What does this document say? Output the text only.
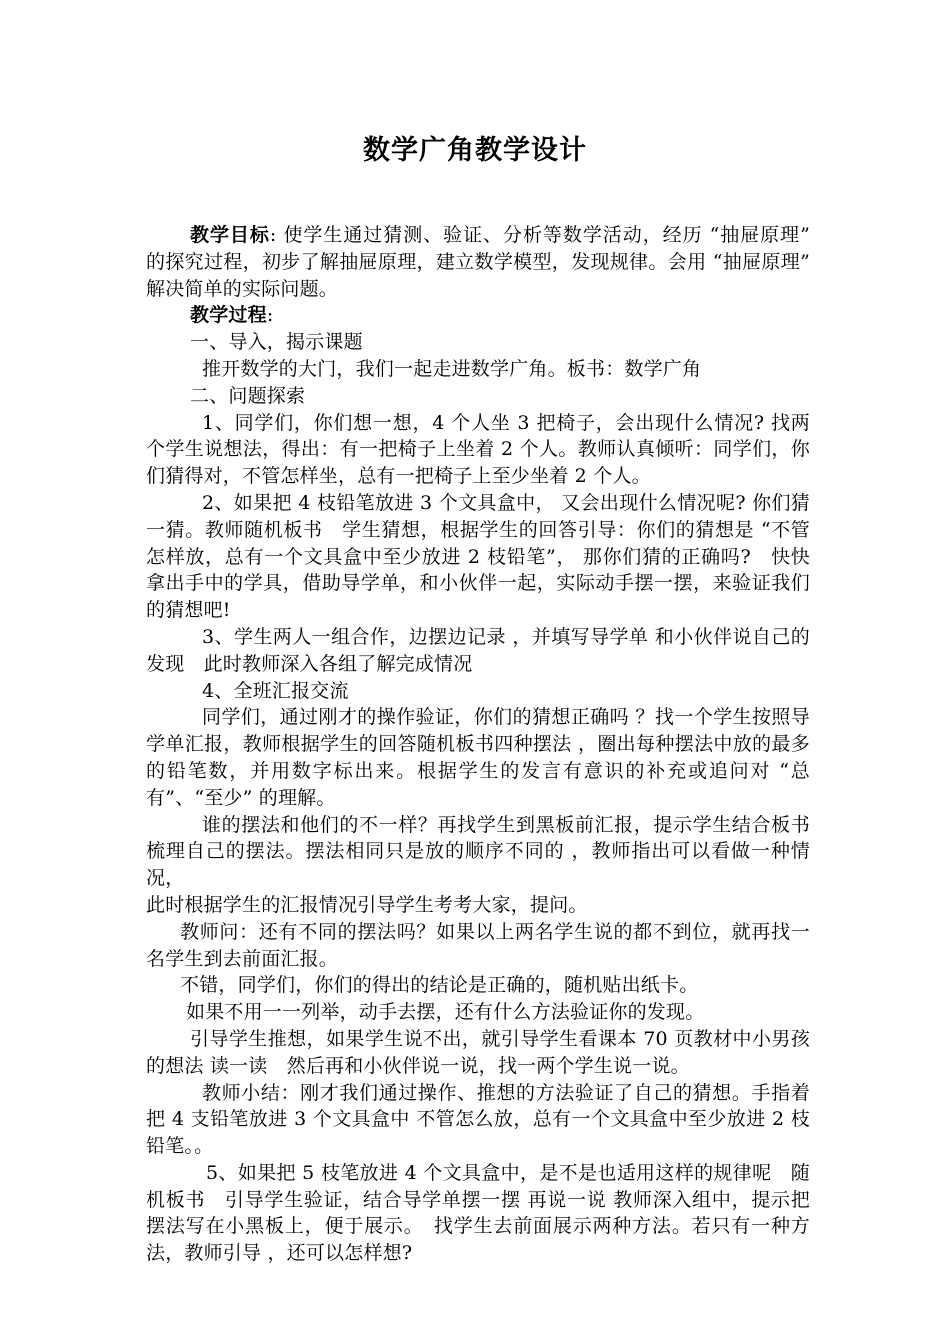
数学广角教学设计

教学目标: 使学生通过猜测、验证、分析等数学活动，经历 “抽屉原理” 的探究过程，初步了解抽屉原理，建立数学模型，发现规律。会用 “抽屉原理” 解决简单的实际问题。

教学过程:

一、导入，揭示课题

推开数学的大门，我们一起走进数学广角。板书：数学广角

二、问题探索

1、同学们，你们想一想，4 个人坐 3 把椅子，会出现什么情况? 找两个学生说想法，得出：有一把椅子上坐着 2 个人。教师认真倾听：同学们，你们猜得对，不管怎样坐，总有一把椅子上至少坐着 2 个人。

2、如果把 4 枝铅笔放进 3 个文具盒中， 又会出现什么情况呢? 你们猜一猜。教师随机板书　学生猜想，根据学生的回答引导：你们的猜想是 “不管怎样放，总有一个文具盒中至少放进 2 枝铅笔”， 那你们猜的正确吗?　快快拿出手中的学具，借助导学单，和小伙伴一起，实际动手摆一摆，来验证我们的猜想吧!

3、学生两人一组合作，边摆边记录 ，并填写导学单 和小伙伴说自己的发现　此时教师深入各组了解完成情况

4、全班汇报交流

同学们，通过刚才的操作验证，你们的猜想正确吗 ？找一个学生按照导学单汇报，教师根据学生的回答随机板书四种摆法 ，圈出每种摆法中放的最多的铅笔数，并用数字标出来。根据学生的发言有意识的补充或追问对 “总有”、“至少” 的理解。

谁的摆法和他们的不一样？再找学生到黑板前汇报，提示学生结合板书梳理自己的摆法。摆法相同只是放的顺序不同的 ，教师指出可以看做一种情况，

此时根据学生的汇报情况引导学生考考大家，提问。

教师问：还有不同的摆法吗？如果以上两名学生说的都不到位，就再找一名学生到去前面汇报。

不错，同学们，你们的得出的结论是正确的，随机贴出纸卡。

如果不用一一列举，动手去摆，还有什么方法验证你的发现。

引导学生推想，如果学生说不出，就引导学生看课本 70 页教材中小男孩的想法 读一读　然后再和小伙伴说一说，找一两个学生说一说。

教师小结：刚才我们通过操作、推想的方法验证了自己的猜想。手指着 把 4 支铅笔放进 3 个文具盒中 不管怎么放，总有一个文具盒中至少放进 2 枝铅笔。。

5、如果把 5 枝笔放进 4 个文具盒中，是不是也适用这样的规律呢　随机板书　引导学生验证，结合导学单摆一摆 再说一说 教师深入组中，提示把摆法写在小黑板上，便于展示。　找学生去前面展示两种方法。若只有一种方法，教师引导 ，还可以怎样想?
